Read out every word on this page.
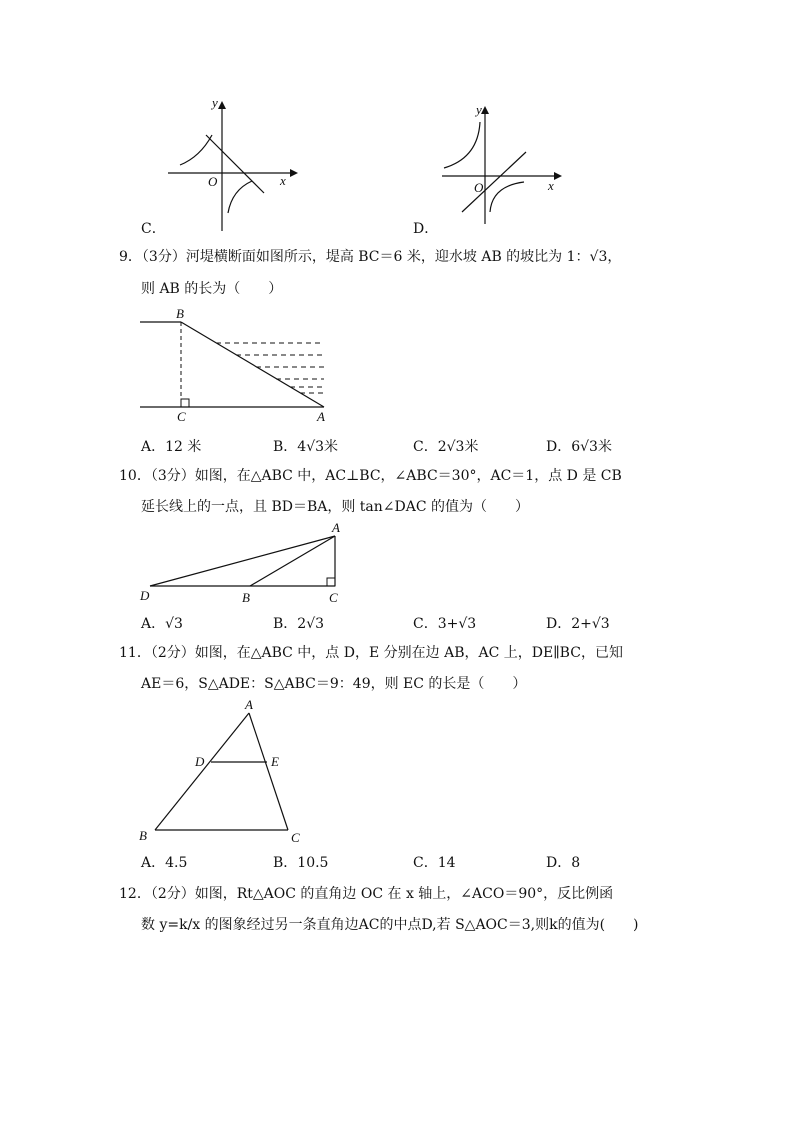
C．
y
x
O
D．
y
x
O
9．（3分）河堤横断面如图所示，堤高 BC＝6 米，迎水坡 AB 的坡比为 1：√3，
则 AB 的长为（　　）
B
C	A
A．12 米	B．4√3米	C．2√3米	D．6√3米
10．（3分）如图，在△ABC 中，AC⊥BC，∠ABC＝30°，AC＝1，点 D 是 CB
延长线上的一点，且 BD＝BA，则 tan∠DAC 的值为（　　）
A
D	B	C
A．√3	B．2√3	C．3+√3	D．2+√3
11．（2分）如图，在△ABC 中，点 D，E 分别在边 AB，AC 上，DE∥BC，已知
AE＝6，S△ADE：S△ABC＝9：49，则 EC 的长是（　　）
A
D	E
B	C
A．4.5	B．10.5	C．14	D．8
12．（2分）如图，Rt△AOC 的直角边 OC 在 x 轴上，∠ACO＝90°，反比例函
数 y=k/x 的图象经过另一条直角边AC的中点D,若 S△AOC＝3,则k的值为(　　)
